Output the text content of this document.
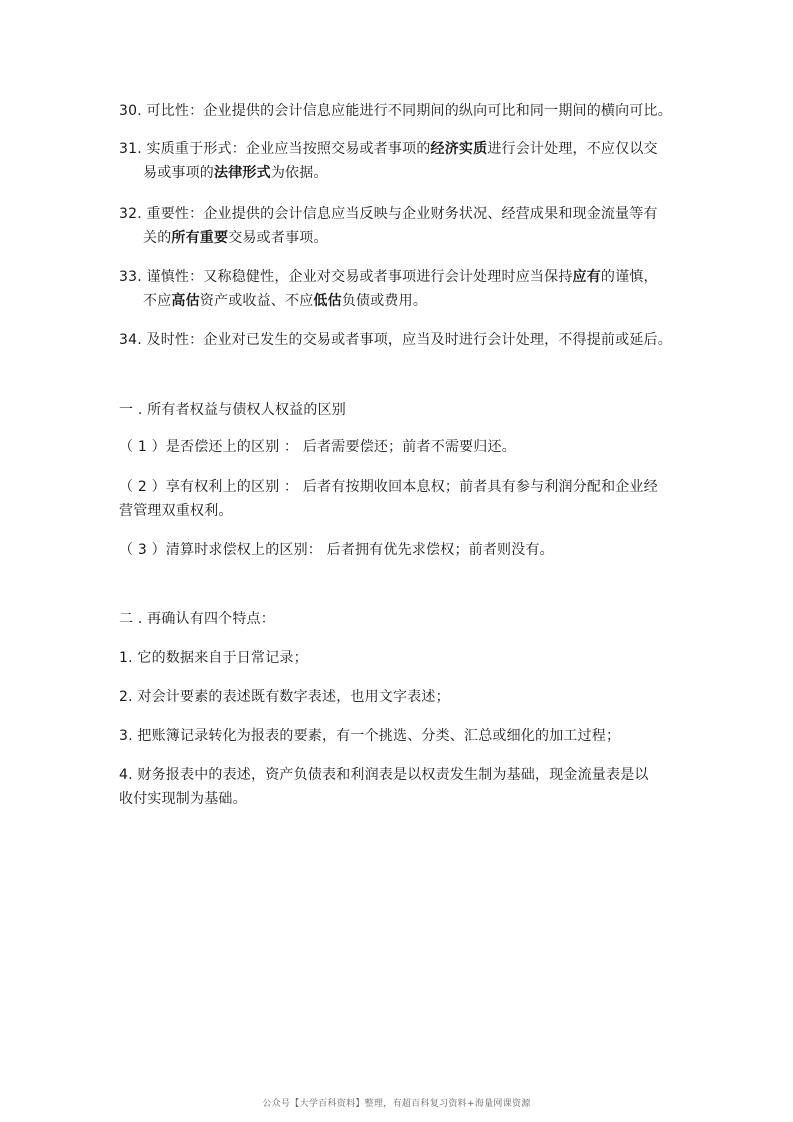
30. 可比性：企业提供的会计信息应能进行不同期间的纵向可比和同一期间的横向可比。
31. 实质重于形式：企业应当按照交易或者事项的经济实质进行会计处理，不应仅以交
易或事项的法律形式为依据。
32. 重要性：企业提供的会计信息应当反映与企业财务状况、经营成果和现金流量等有
关的所有重要交易或者事项。
33. 谨慎性：又称稳健性，企业对交易或者事项进行会计处理时应当保持应有的谨慎，
不应高估资产或收益、不应低估负债或费用。
34. 及时性：企业对已发生的交易或者事项，应当及时进行会计处理，不得提前或延后。
一 . 所有者权益与债权人权益的区别
（ 1 ）是否偿还上的区别 ： 后者需要偿还；前者不需要归还。
（ 2 ）享有权利上的区别 ： 后者有按期收回本息权；前者具有参与利润分配和企业经
营管理双重权利。
（ 3 ）清算时求偿权上的区别： 后者拥有优先求偿权；前者则没有。
二 . 再确认有四个特点：
1. 它的数据来自于日常记录；
2. 对会计要素的表述既有数字表述，也用文字表述；
3. 把账簿记录转化为报表的要素，有一个挑选、分类、汇总或细化的加工过程；
4. 财务报表中的表述，资产负债表和利润表是以权责发生制为基础，现金流量表是以
收付实现制为基础。
公众号【大学百科资料】整理，有超百科复习资料+海量网课资源
